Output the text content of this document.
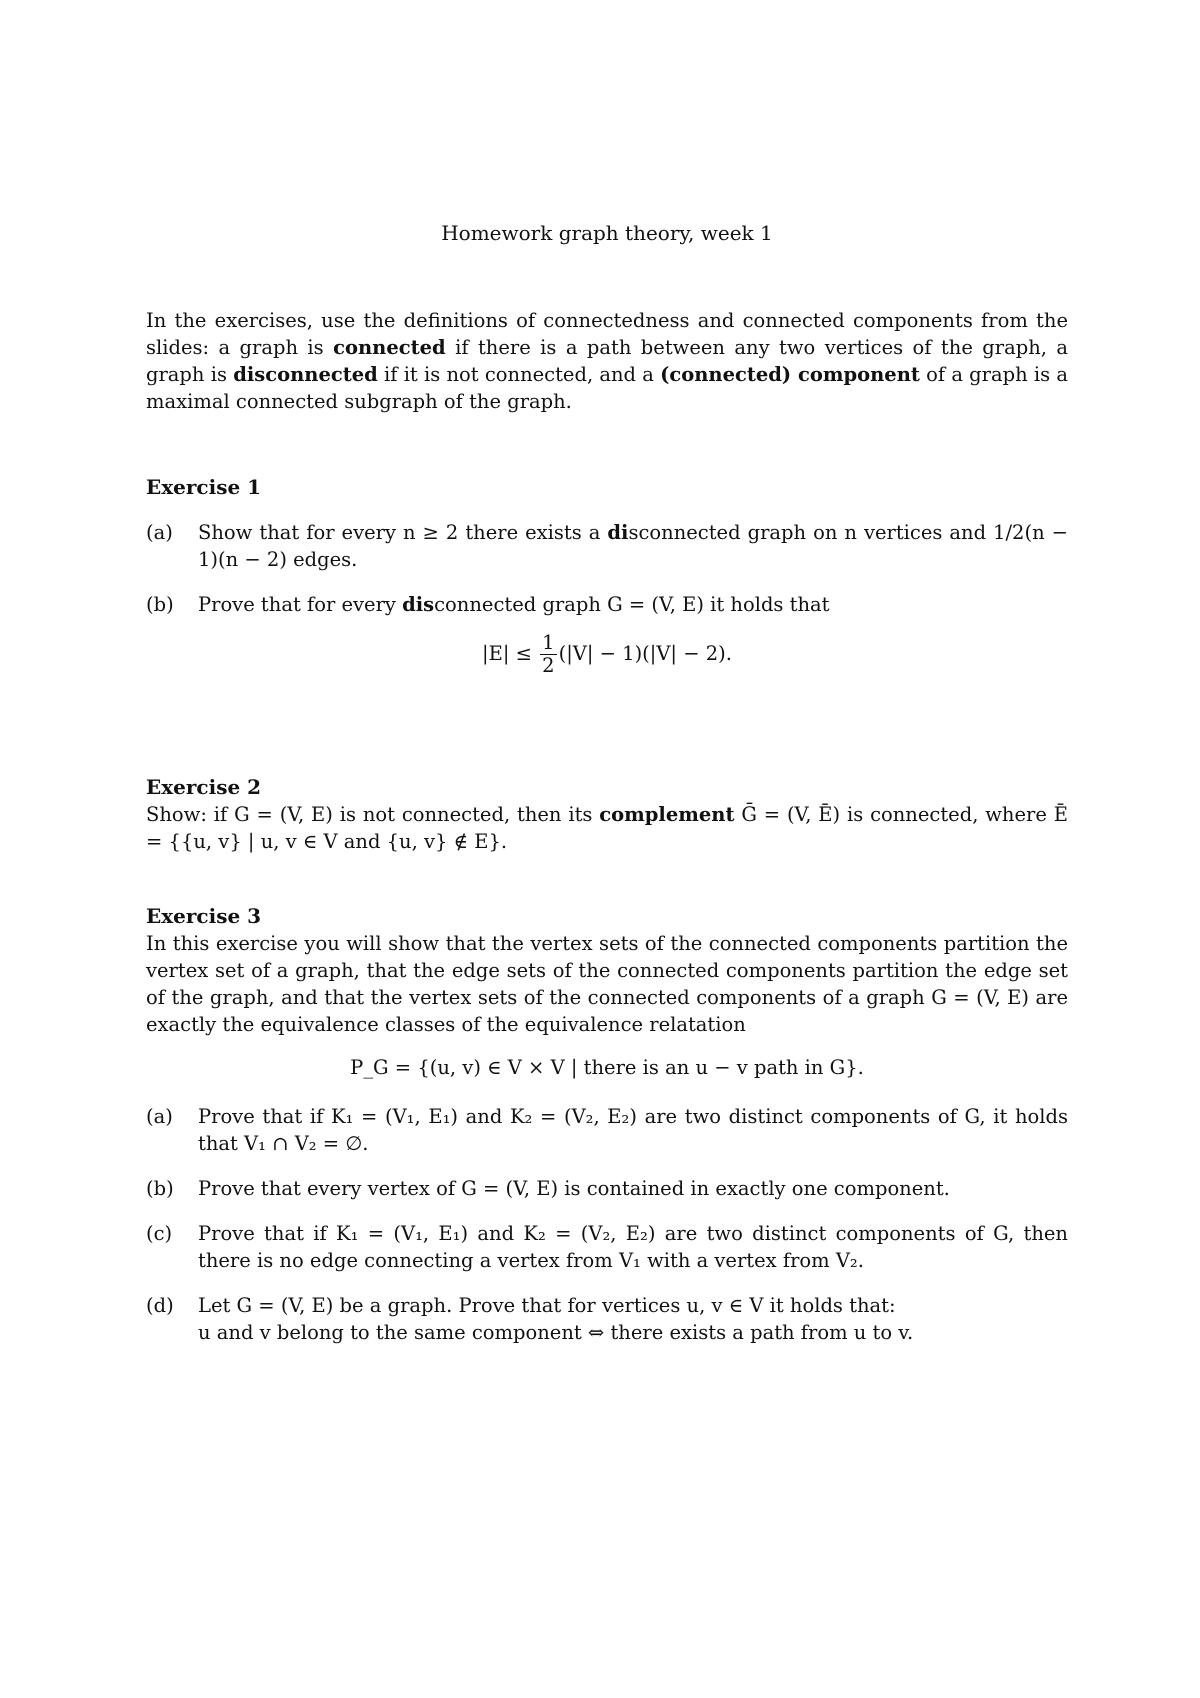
Homework graph theory, week 1
In the exercises, use the definitions of connectedness and connected components from the slides: a graph is connected if there is a path between any two vertices of the graph, a graph is disconnected if it is not connected, and a (connected) component of a graph is a maximal connected subgraph of the graph.
Exercise 1
(a)	Show that for every n ≥ 2 there exists a disconnected graph on n vertices and 1/2(n − 1)(n − 2) edges.
(b)	Prove that for every disconnected graph G = (V, E) it holds that
$|E| \le \frac{1}{2} (|V| - 1)(|V| - 2)$.
Exercise 2
Show: if G = (V, E) is not connected, then its complement Ḡ = (V, Ē) is connected, where Ē = {{u, v} | u, v ∈ V and {u, v} ∉ E}.
Exercise 3
In this exercise you will show that the vertex sets of the connected components partition the vertex set of a graph, that the edge sets of the connected components partition the edge set of the graph, and that the vertex sets of the connected components of a graph G = (V, E) are exactly the equivalence classes of the equivalence relatation
P_G = {(u, v) ∈ V × V | there is an u − v path in G}.
(a)	Prove that if K₁ = (V₁, E₁) and K₂ = (V₂, E₂) are two distinct components of G, it holds that V₁ ∩ V₂ = ∅.
(b)	Prove that every vertex of G = (V, E) is contained in exactly one component.
(c)	Prove that if K₁ = (V₁, E₁) and K₂ = (V₂, E₂) are two distinct components of G, then there is no edge connecting a vertex from V₁ with a vertex from V₂.
(d)	Let G = (V, E) be a graph. Prove that for vertices u, v ∈ V it holds that:
u and v belong to the same component ⇔ there exists a path from u to v.
